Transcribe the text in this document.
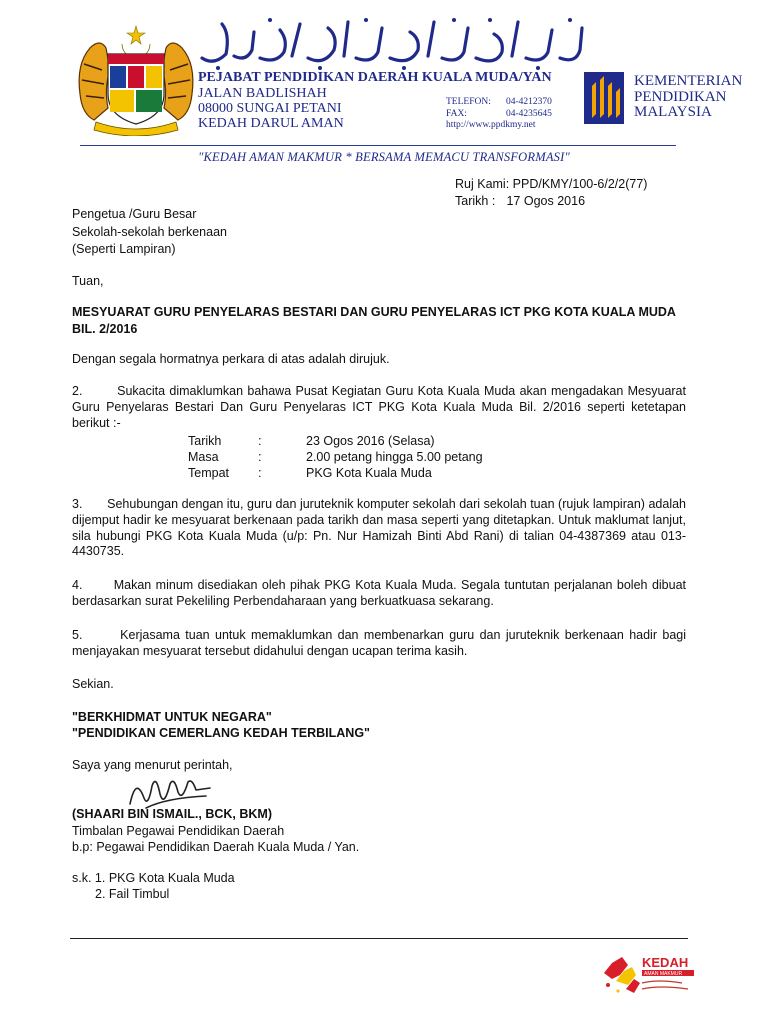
ڤجابت ڤنديديقن دائيره كوالا مودا/يان
PEJABAT PENDIDIKAN DAERAH KUALA MUDA/YAN
JALAN BADLISHAH
08000 SUNGAI PETANI
KEDAH DARUL AMAN
TELEFON: 04-4212370
FAX:	04-4235645
http://www.ppdkmy.net
KEMENTERIAN
PENDIDIKAN
MALAYSIA
"KEDAH AMAN MAKMUR * BERSAMA MEMACU TRANSFORMASI"
Ruj Kami: PPD/KMY/100-6/2/2(77)
Tarikh : 17 Ogos 2016
Pengetua /Guru Besar
Sekolah-sekolah berkenaan
(Seperti Lampiran)
Tuan,
MESYUARAT GURU PENYELARAS BESTARI DAN GURU PENYELARAS ICT PKG KOTA KUALA MUDA
BIL. 2/2016
Dengan segala hormatnya perkara di atas adalah dirujuk.
2.	Sukacita dimaklumkan bahawa Pusat Kegiatan Guru Kota Kuala Muda akan mengadakan Mesyuarat Guru Penyelaras Bestari Dan Guru Penyelaras ICT PKG Kota Kuala Muda Bil. 2/2016 seperti ketetapan berikut :-
Tarikh	:	23 Ogos 2016 (Selasa)
Masa	:	2.00 petang hingga 5.00 petang
Tempat :	PKG Kota Kuala Muda
3. Sehubungan dengan itu, guru dan juruteknik komputer sekolah dari sekolah tuan (rujuk lampiran) adalah dijemput hadir ke mesyuarat berkenaan pada tarikh dan masa seperti yang ditetapkan. Untuk maklumat lanjut, sila hubungi PKG Kota Kuala Muda (u/p: Pn. Nur Hamizah Binti Abd Rani) di talian 04-4387369 atau 013-4430735.
4.	Makan minum disediakan oleh pihak PKG Kota Kuala Muda. Segala tuntutan perjalanan boleh dibuat berdasarkan surat Pekeliling Perbendaharaan yang berkuatkuasa sekarang.
5.	Kerjasama tuan untuk memaklumkan dan membenarkan guru dan juruteknik berkenaan hadir bagi menjayakan mesyuarat tersebut didahului dengan ucapan terima kasih.
Sekian.
"BERKHIDMAT UNTUK NEGARA"
"PENDIDIKAN CEMERLANG KEDAH TERBILANG"
Saya yang menurut perintah,
(SHAARI BIN ISMAIL., BCK, BKM)
Timbalan Pegawai Pendidikan Daerah
b.p: Pegawai Pendidikan Daerah Kuala Muda / Yan.
s.k. 1. PKG Kota Kuala Muda
2. Fail Timbul
KEDAH
AMAN MAKMUR
